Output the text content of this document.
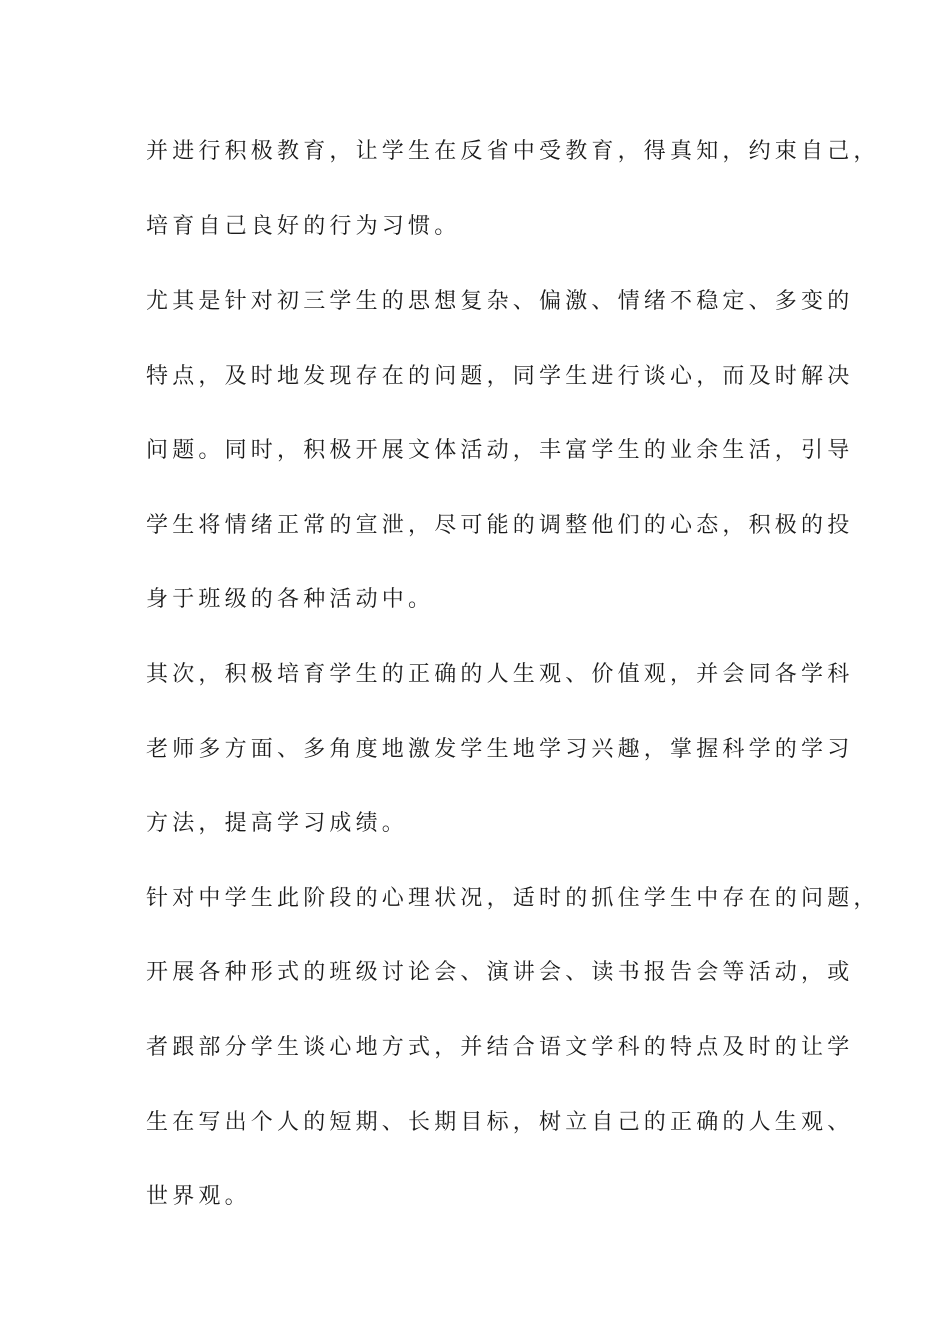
并进行积极教育，让学生在反省中受教育，得真知，约束自己，
培育自己良好的行为习惯。
尤其是针对初三学生的思想复杂、偏激、情绪不稳定、多变的
特点，及时地发现存在的问题，同学生进行谈心，而及时解决
问题。同时，积极开展文体活动，丰富学生的业余生活，引导
学生将情绪正常的宣泄，尽可能的调整他们的心态，积极的投
身于班级的各种活动中。
其次，积极培育学生的正确的人生观、价值观，并会同各学科
老师多方面、多角度地激发学生地学习兴趣，掌握科学的学习
方法，提高学习成绩。
针对中学生此阶段的心理状况，适时的抓住学生中存在的问题，
开展各种形式的班级讨论会、演讲会、读书报告会等活动，或
者跟部分学生谈心地方式，并结合语文学科的特点及时的让学
生在写出个人的短期、长期目标，树立自己的正确的人生观、
世界观。
